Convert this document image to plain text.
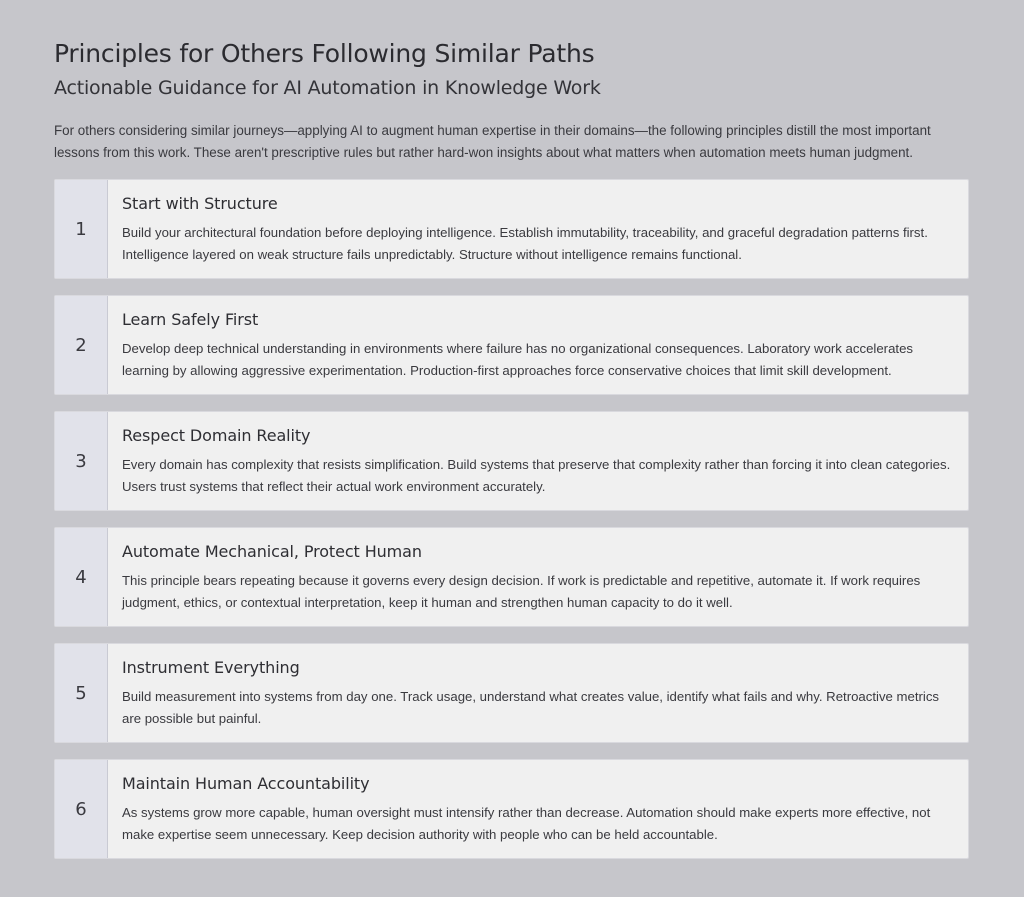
Principles for Others Following Similar Paths
Actionable Guidance for AI Automation in Knowledge Work

For others considering similar journeys—applying AI to augment human expertise in their domains—the following principles distill the most important lessons from this work. These aren't prescriptive rules but rather hard-won insights about what matters when automation meets human judgment.

1
Start with Structure

Build your architectural foundation before deploying intelligence. Establish immutability, traceability, and graceful degradation patterns first. Intelligence layered on weak structure fails unpredictably. Structure without intelligence remains functional.

2
Learn Safely First

Develop deep technical understanding in environments where failure has no organizational consequences. Laboratory work accelerates learning by allowing aggressive experimentation. Production-first approaches force conservative choices that limit skill development.

3
Respect Domain Reality

Every domain has complexity that resists simplification. Build systems that preserve that complexity rather than forcing it into clean categories. Users trust systems that reflect their actual work environment accurately.

4
Automate Mechanical, Protect Human

This principle bears repeating because it governs every design decision. If work is predictable and repetitive, automate it. If work requires judgment, ethics, or contextual interpretation, keep it human and strengthen human capacity to do it well.

5
Instrument Everything

Build measurement into systems from day one. Track usage, understand what creates value, identify what fails and why. Retroactive metrics are possible but painful.

6
Maintain Human Accountability

As systems grow more capable, human oversight must intensify rather than decrease. Automation should make experts more effective, not make expertise seem unnecessary. Keep decision authority with people who can be held accountable.
